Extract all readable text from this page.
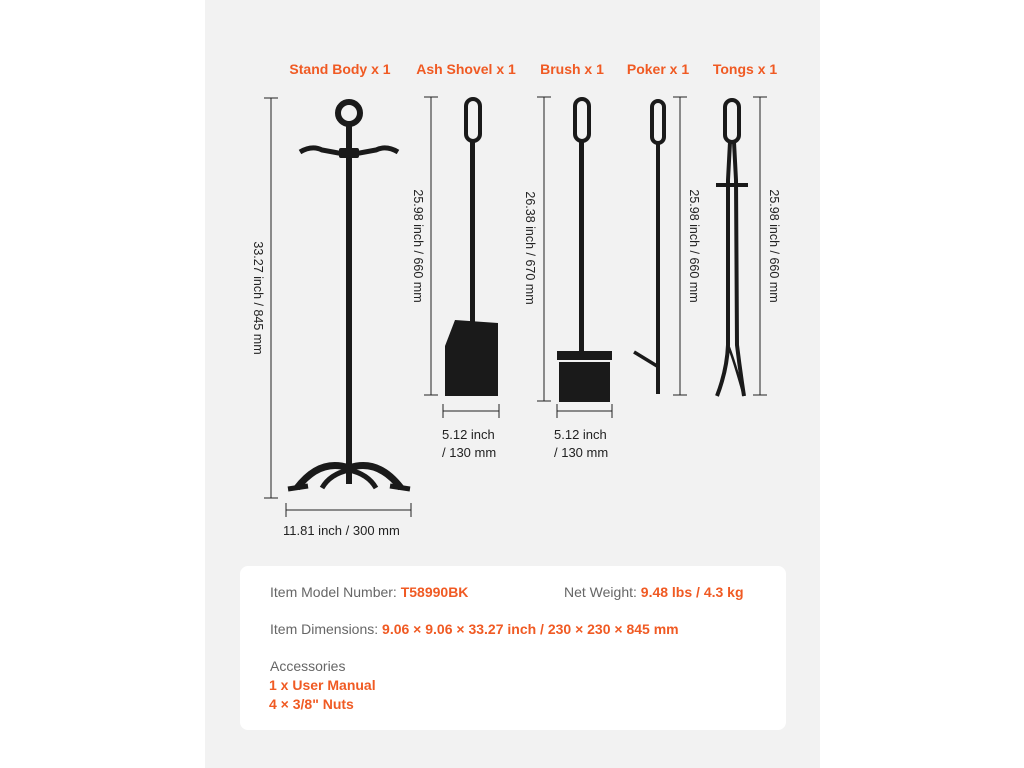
Stand Body x 1 Ash Shovel x 1 Brush x 1 Poker x 1 Tongs x 1
33.27 inch / 845 mm	25.98 inch / 660 mm	26.38 inch / 670 mm	25.98 inch / 660 mm	25.98 inch / 660 mm
11.81 inch / 300 mm
5.12 inch
/ 130 mm
5.12 inch
/ 130 mm
Item Model Number: T58990BK	Net Weight: 9.48 lbs / 4.3 kg
Item Dimensions: 9.06 × 9.06 × 33.27 inch / 230 × 230 × 845 mm
Accessories
1 x User Manual
4 × 3/8" Nuts
